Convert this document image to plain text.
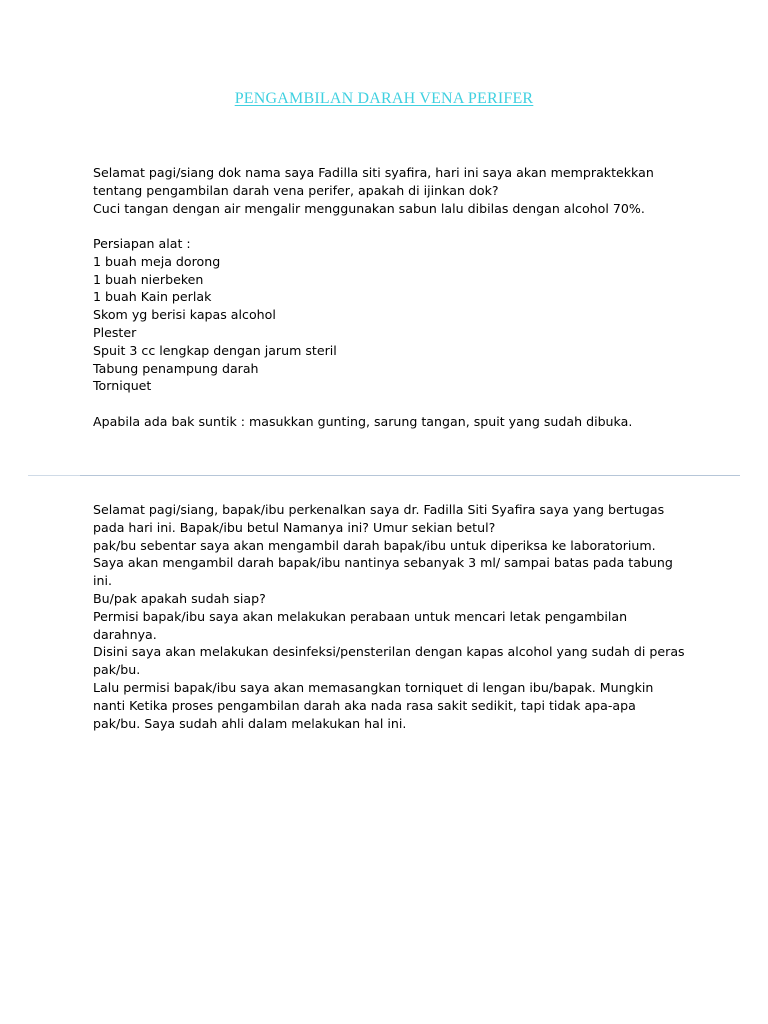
PENGAMBILAN DARAH VENA PERIFER
Selamat pagi/siang dok nama saya Fadilla siti syafira, hari ini saya akan mempraktekkan
tentang pengambilan darah vena perifer, apakah di ijinkan dok?
Cuci tangan dengan air mengalir menggunakan sabun lalu dibilas dengan alcohol 70%.
Persiapan alat :
1 buah meja dorong
1 buah nierbeken
1 buah Kain perlak
Skom yg berisi kapas alcohol
Plester
Spuit 3 cc lengkap dengan jarum steril
Tabung penampung darah
Torniquet
Apabila ada bak suntik : masukkan gunting, sarung tangan, spuit yang sudah dibuka.
Selamat pagi/siang, bapak/ibu perkenalkan saya dr. Fadilla Siti Syafira saya yang bertugas
pada hari ini. Bapak/ibu betul Namanya ini? Umur sekian betul?
pak/bu sebentar saya akan mengambil darah bapak/ibu untuk diperiksa ke laboratorium.
Saya akan mengambil darah bapak/ibu nantinya sebanyak 3 ml/ sampai batas pada tabung
ini.
Bu/pak apakah sudah siap?
Permisi bapak/ibu saya akan melakukan perabaan untuk mencari letak pengambilan
darahnya.
Disini saya akan melakukan desinfeksi/pensterilan dengan kapas alcohol yang sudah di peras
pak/bu.
Lalu permisi bapak/ibu saya akan memasangkan torniquet di lengan ibu/bapak. Mungkin
nanti Ketika proses pengambilan darah aka nada rasa sakit sedikit, tapi tidak apa-apa
pak/bu. Saya sudah ahli dalam melakukan hal ini.
